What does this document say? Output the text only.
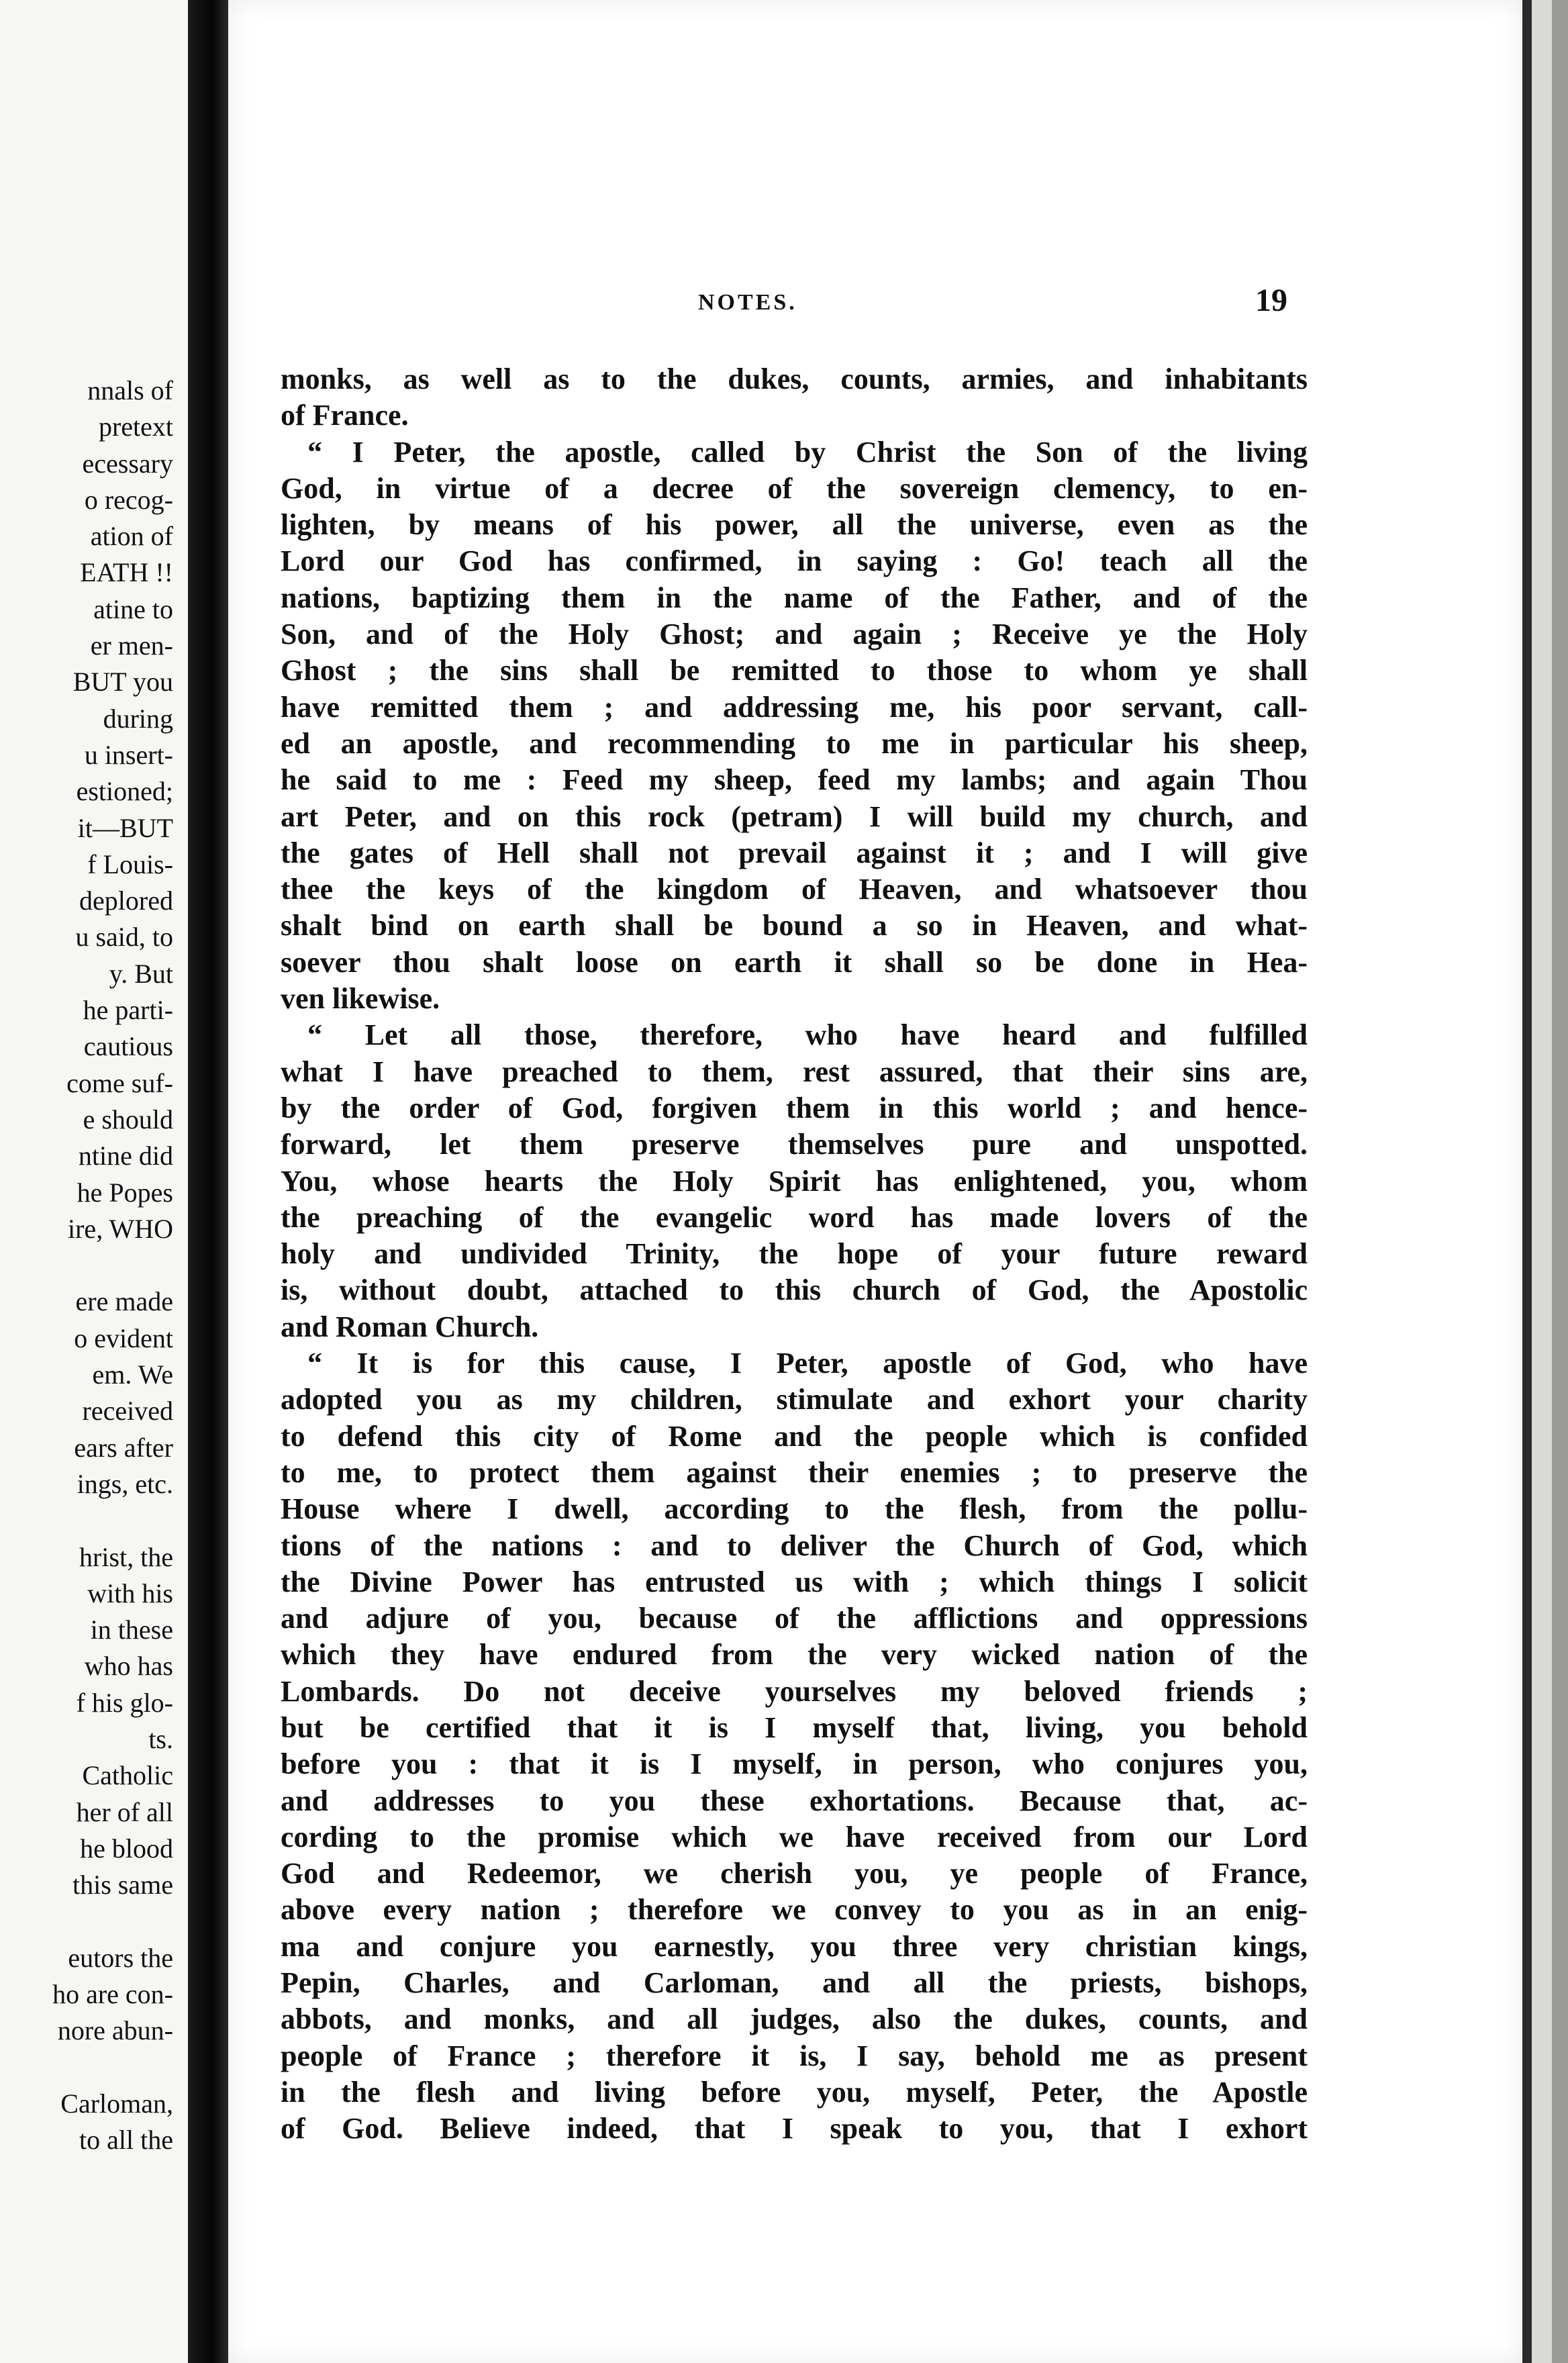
nnals of
pretext
ecessary
o recog-
ation of
EATH !!
atine to
er men-
BUT you
during
u insert-
estioned;
it—BUT
f Louis-
deplored
u said, to
y. But
he parti-
cautious
come suf-
e should
ntine did
he Popes
ire, WHO
ere made
o evident
em. We
received
ears after
ings, etc.
hrist, the
with his
in these
who has
f his glo-
ts.
Catholic
her of all
he blood
this same
eutors the
ho are con-
nore abun-
Carloman,
to all the
NOTES.	19
monks, as well as to the dukes, counts, armies, and inhabitants
of France.
“ I Peter, the apostle, called by Christ the Son of the living
God, in virtue of a decree of the sovereign clemency, to en-
lighten, by means of his power, all the universe, even as the
Lord our God has confirmed, in saying : Go! teach all the
nations, baptizing them in the name of the Father, and of the
Son, and of the Holy Ghost; and again ; Receive ye the Holy
Ghost ; the sins shall be remitted to those to whom ye shall
have remitted them ; and addressing me, his poor servant, call-
ed an apostle, and recommending to me in particular his sheep,
he said to me : Feed my sheep, feed my lambs; and again Thou
art Peter, and on this rock (petram) I will build my church, and
the gates of Hell shall not prevail against it ; and I will give
thee the keys of the kingdom of Heaven, and whatsoever thou
shalt bind on earth shall be bound a so in Heaven, and what-
soever thou shalt loose on earth it shall so be done in Hea-
ven likewise.
“ Let all those, therefore, who have heard and fulfilled
what I have preached to them, rest assured, that their sins are,
by the order of God, forgiven them in this world ; and hence-
forward, let them preserve themselves pure and unspotted.
You, whose hearts the Holy Spirit has enlightened, you, whom
the preaching of the evangelic word has made lovers of the
holy and undivided Trinity, the hope of your future reward
is, without doubt, attached to this church of God, the Apostolic
and Roman Church.
“ It is for this cause, I Peter, apostle of God, who have
adopted you as my children, stimulate and exhort your charity
to defend this city of Rome and the people which is confided
to me, to protect them against their enemies ; to preserve the
House where I dwell, according to the flesh, from the pollu-
tions of the nations : and to deliver the Church of God, which
the Divine Power has entrusted us with ; which things I solicit
and adjure of you, because of the afflictions and oppressions
which they have endured from the very wicked nation of the
Lombards. Do not deceive yourselves my beloved friends ;
but be certified that it is I myself that, living, you behold
before you : that it is I myself, in person, who conjures you,
and addresses to you these exhortations. Because that, ac-
cording to the promise which we have received from our Lord
God and Redeemor, we cherish you, ye people of France,
above every nation ; therefore we convey to you as in an enig-
ma and conjure you earnestly, you three very christian kings,
Pepin, Charles, and Carloman, and all the priests, bishops,
abbots, and monks, and all judges, also the dukes, counts, and
people of France ; therefore it is, I say, behold me as present
in the flesh and living before you, myself, Peter, the Apostle
of God. Believe indeed, that I speak to you, that I exhort
